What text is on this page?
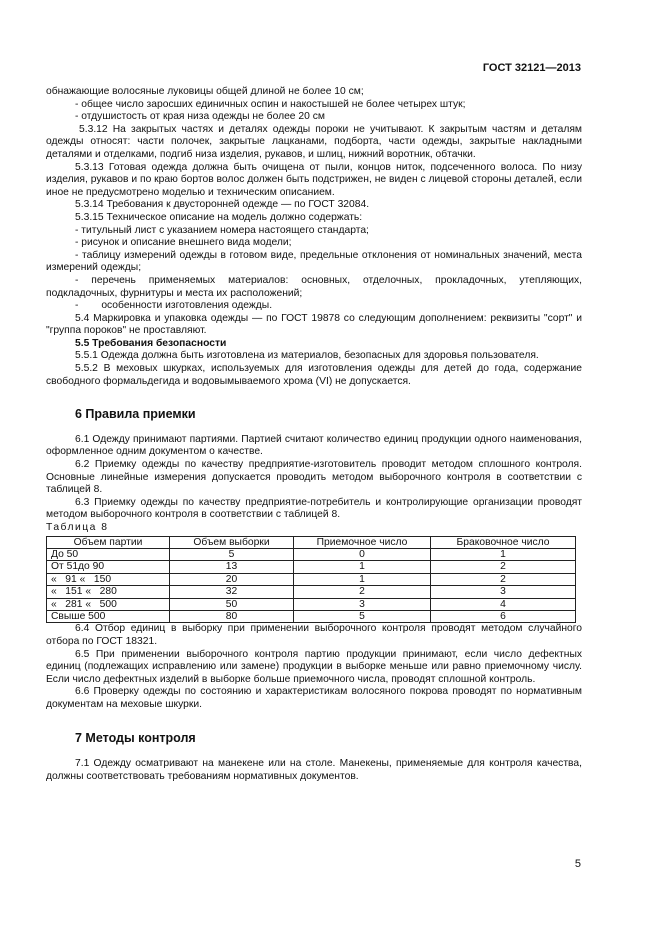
ГОСТ 32121—2013

обнажающие волосяные луковицы общей длиной не более 10 см;

- общее число заросших единичных оспин и накостышей не более четырех штук;

- отдушистость от края низа одежды не более 20 см

5.3.12 На закрытых частях и деталях одежды пороки не учитывают. К закрытым частям и деталям одежды относят: части полочек, закрытые лацканами, подборта, части одежды, закрытые накладными деталями и отделками, подгиб низа изделия, рукавов, и шлиц, нижний воротник, обтачки.

5.3.13 Готовая одежда должна быть очищена от пыли, концов ниток, подсеченного волоса. По низу изделия, рукавов и по краю бортов волос должен быть подстрижен, не виден с лицевой стороны деталей, если иное не предусмотрено моделью и техническим описанием.

5.3.14 Требования к двусторонней одежде — по ГОСТ 32084.

5.3.15 Техническое описание на модель должно содержать:

- титульный лист с указанием номера настоящего стандарта;

- рисунок и описание внешнего вида модели;

- таблицу измерений одежды в готовом виде, предельные отклонения от номинальных значений, места измерений одежды;

- перечень применяемых материалов: основных, отделочных, прокладочных, утепляющих, подкладочных, фурнитуры и места их расположений;

-        особенности изготовления одежды.

5.4 Маркировка и упаковка одежды — по ГОСТ 19878 со следующим дополнением: реквизиты "сорт" и "группа пороков" не проставляют.

5.5 Требования безопасности

5.5.1 Одежда должна быть изготовлена из материалов, безопасных для здоровья пользователя.

5.5.2 В меховых шкурках, используемых для изготовления одежды для детей до года, содержание свободного формальдегида и водовымываемого хрома (VI) не допускается.

6 Правила приемки

6.1 Одежду принимают партиями. Партией считают количество единиц продукции одного наименования, оформленное одним документом о качестве.

6.2 Приемку одежды по качеству предприятие-изготовитель проводит методом сплошного контроля. Основные линейные измерения допускается проводить методом выборочного контроля в соответствии с таблицей 8.

6.3 Приемку одежды по качеству предприятие-потребитель и контролирующие организации проводят методом выборочного контроля в соответствии с таблицей 8.

Таблица 8

Объем партии	Объем выборки	Приемочное число	Браковочное число
До 50	5	0	1
От 51до 90	13	1	2
«   91 «   150	20	1	2
«   151 «   280	32	2	3
«   281 «   500	50	3	4
Свыше 500	80	5	6

6.4 Отбор единиц в выборку при применении выборочного контроля проводят методом случайного отбора по ГОСТ 18321.

6.5 При применении выборочного контроля партию продукции принимают, если число дефектных единиц (подлежащих исправлению или замене) продукции в выборке меньше или равно приемочному числу. Если число дефектных изделий в выборке больше приемочного числа, проводят сплошной контроль.

6.6 Проверку одежды по состоянию и характеристикам волосяного покрова проводят по нормативным документам на меховые шкурки.

7 Методы контроля

7.1 Одежду осматривают на манекене или на столе. Манекены, применяемые для контроля качества, должны соответствовать требованиям нормативных документов.

5
